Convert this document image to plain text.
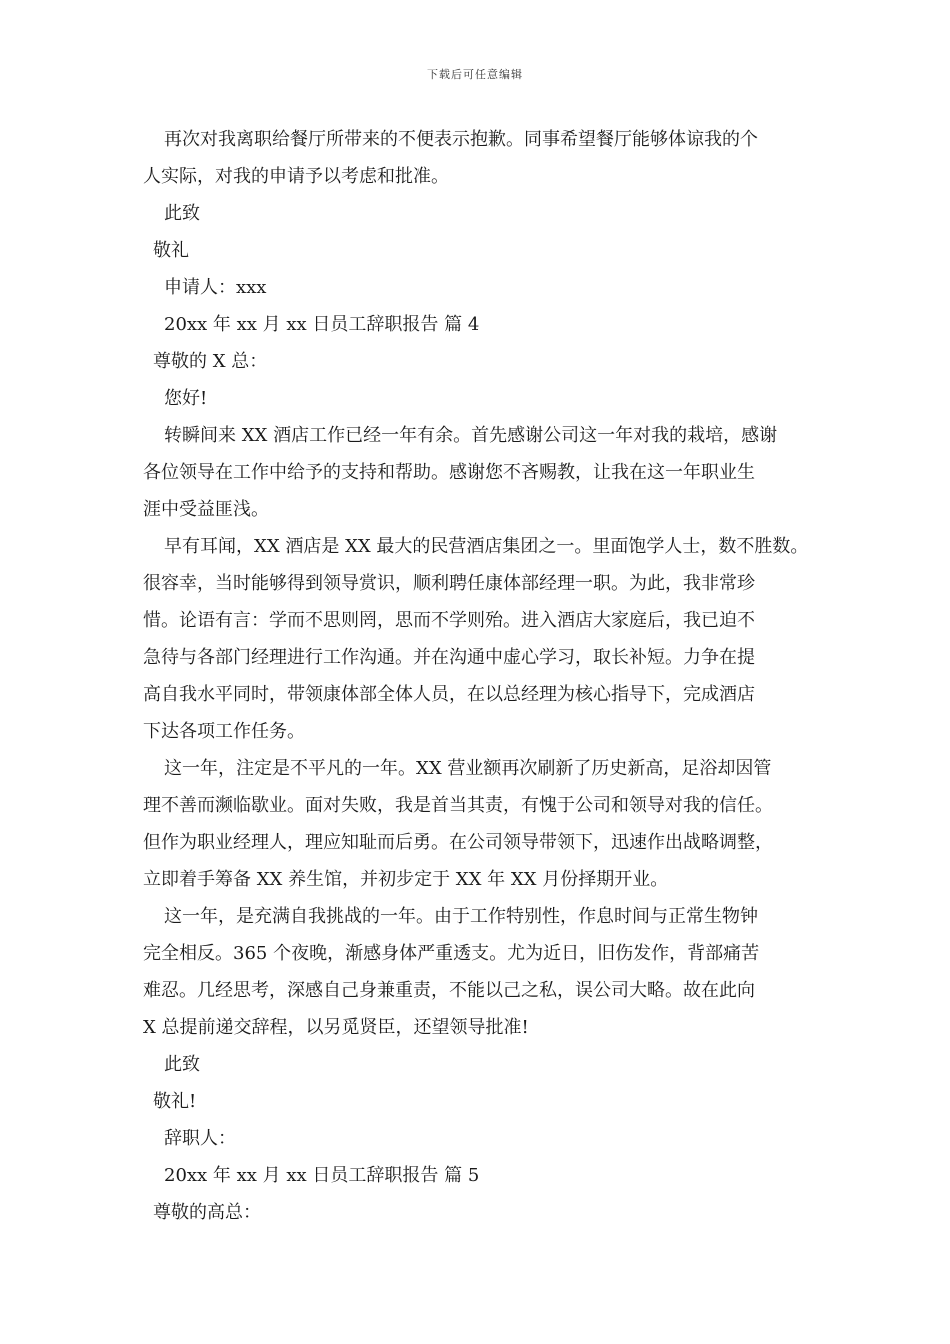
下载后可任意编辑
再次对我离职给餐厅所带来的不便表示抱歉。同事希望餐厅能够体谅我的个
人实际，对我的申请予以考虑和批准。
此致
敬礼
申请人：xxx
20xx 年 xx 月 xx 日员工辞职报告 篇 4
尊敬的 X 总：
您好!
转瞬间来 XX 酒店工作已经一年有余。首先感谢公司这一年对我的栽培，感谢
各位领导在工作中给予的支持和帮助。感谢您不吝赐教，让我在这一年职业生
涯中受益匪浅。
早有耳闻，XX 酒店是 XX 最大的民营酒店集团之一。里面饱学人士，数不胜数。
很容幸，当时能够得到领导赏识，顺利聘任康体部经理一职。为此，我非常珍
惜。论语有言：学而不思则罔，思而不学则殆。进入酒店大家庭后，我已迫不
急待与各部门经理进行工作沟通。并在沟通中虚心学习，取长补短。力争在提
高自我水平同时，带领康体部全体人员，在以总经理为核心指导下，完成酒店
下达各项工作任务。
这一年，注定是不平凡的一年。XX 营业额再次刷新了历史新高，足浴却因管
理不善而濒临歇业。面对失败，我是首当其责，有愧于公司和领导对我的信任。
但作为职业经理人，理应知耻而后勇。在公司领导带领下，迅速作出战略调整，
立即着手筹备 XX 养生馆，并初步定于 XX 年 XX 月份择期开业。
这一年，是充满自我挑战的一年。由于工作特别性，作息时间与正常生物钟
完全相反。365 个夜晚，渐感身体严重透支。尤为近日，旧伤发作，背部痛苦
难忍。几经思考，深感自己身兼重责，不能以己之私，误公司大略。故在此向
X 总提前递交辞程，以另觅贤臣，还望领导批准!
此致
敬礼!
辞职人：
20xx 年 xx 月 xx 日员工辞职报告 篇 5
尊敬的高总：
